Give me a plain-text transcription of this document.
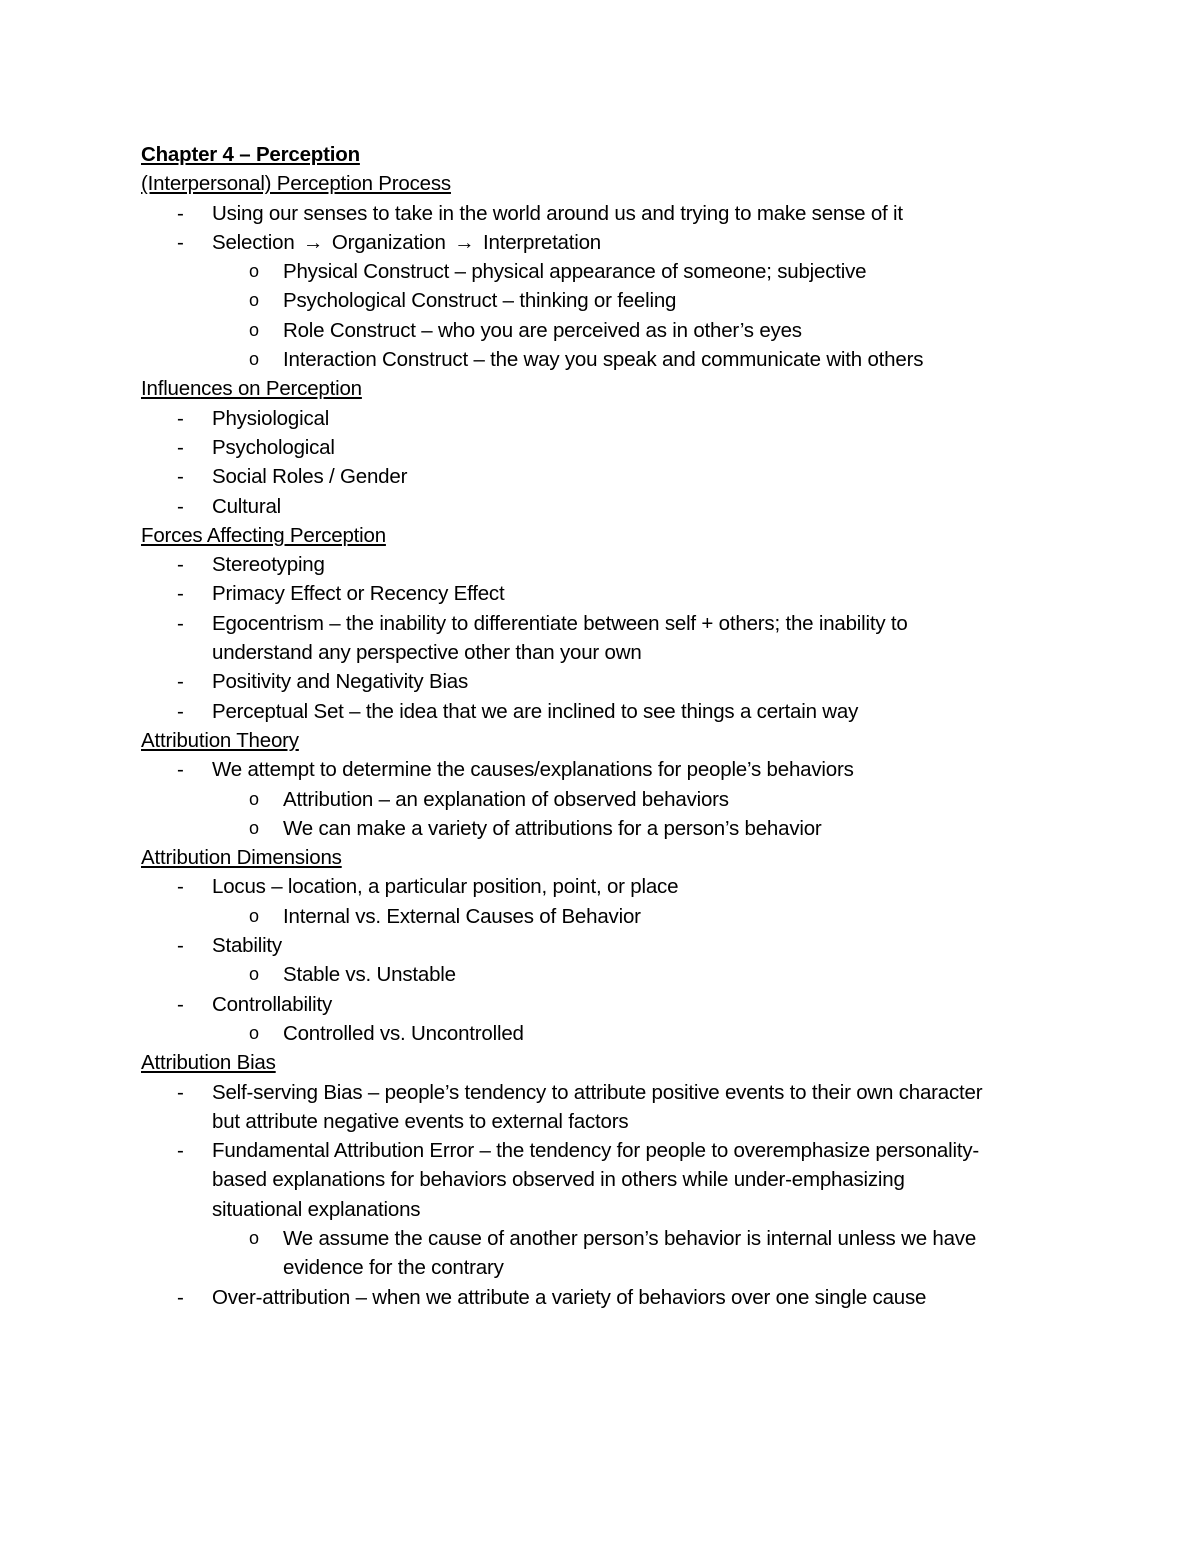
Chapter 4 – Perception
(Interpersonal) Perception Process
- Using our senses to take in the world around us and trying to make sense of it
- Selection → Organization → Interpretation
o Physical Construct – physical appearance of someone; subjective
o Psychological Construct – thinking or feeling
o Role Construct – who you are perceived as in other’s eyes
o Interaction Construct – the way you speak and communicate with others
Influences on Perception
- Physiological
- Psychological
- Social Roles / Gender
- Cultural
Forces Affecting Perception
- Stereotyping
- Primacy Effect or Recency Effect
- Egocentrism – the inability to differentiate between self + others; the inability to
understand any perspective other than your own
- Positivity and Negativity Bias
- Perceptual Set – the idea that we are inclined to see things a certain way
Attribution Theory
- We attempt to determine the causes/explanations for people’s behaviors
o Attribution – an explanation of observed behaviors
o We can make a variety of attributions for a person’s behavior
Attribution Dimensions
- Locus – location, a particular position, point, or place
o Internal vs. External Causes of Behavior
- Stability
o Stable vs. Unstable
- Controllability
o Controlled vs. Uncontrolled
Attribution Bias
- Self-serving Bias – people’s tendency to attribute positive events to their own character
but attribute negative events to external factors
- Fundamental Attribution Error – the tendency for people to overemphasize personality-
based explanations for behaviors observed in others while under-emphasizing
situational explanations
o We assume the cause of another person’s behavior is internal unless we have
evidence for the contrary
- Over-attribution – when we attribute a variety of behaviors over one single cause
